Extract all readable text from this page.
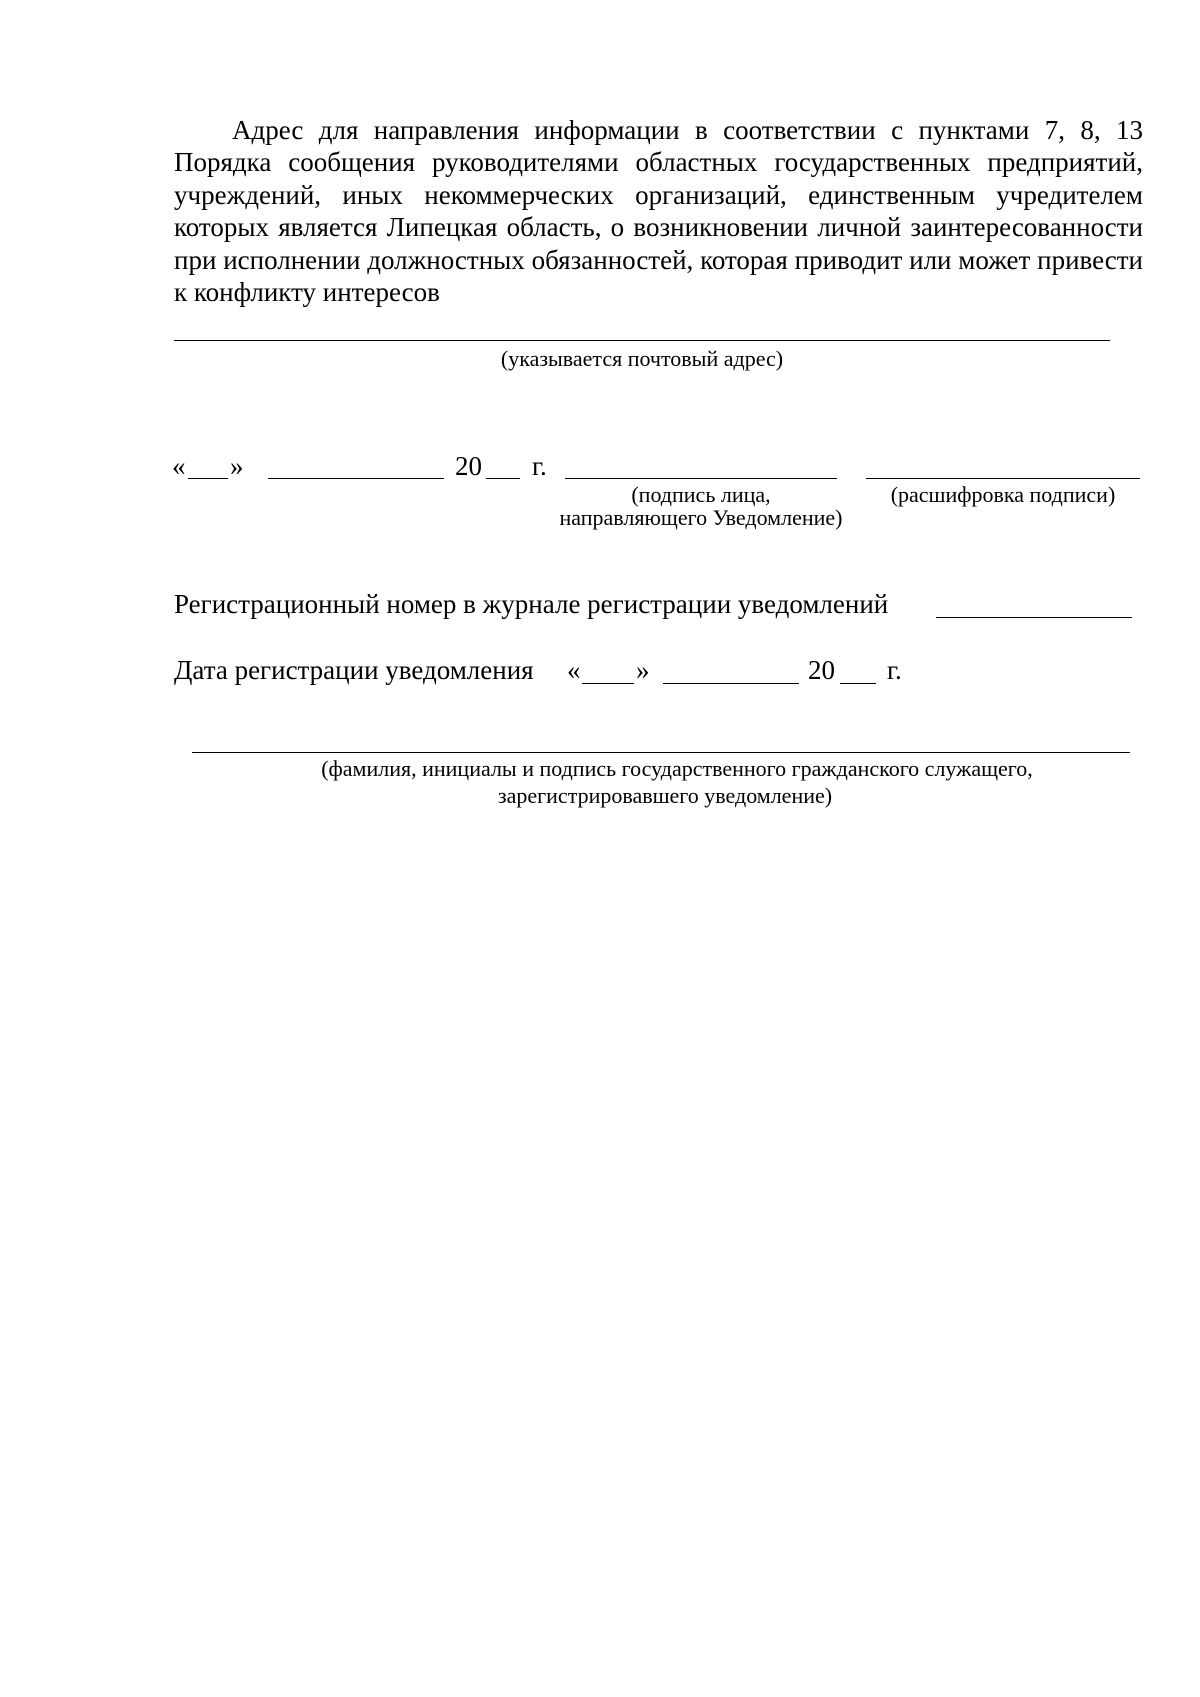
Адрес для направления информации в соответствии с пунктами 7, 8, 13 Порядка сообщения руководителями областных государственных предприятий, учреждений, иных некоммерческих организаций, единственным учредителем которых является Липецкая область, о возникновении личной заинтересованности при исполнении должностных обязанностей, которая приводит или может привести к конфликту интересов

(указывается почтовый адрес)
« »	20 г.
(подпись лица,
направляющего Уведомление)
(расшифровка подписи)
Регистрационный номер в журнале регистрации уведомлений
Дата регистрации уведомления « »	20 г.
(фамилия, инициалы и подпись государственного гражданского служащего,
зарегистрировавшего уведомление)
